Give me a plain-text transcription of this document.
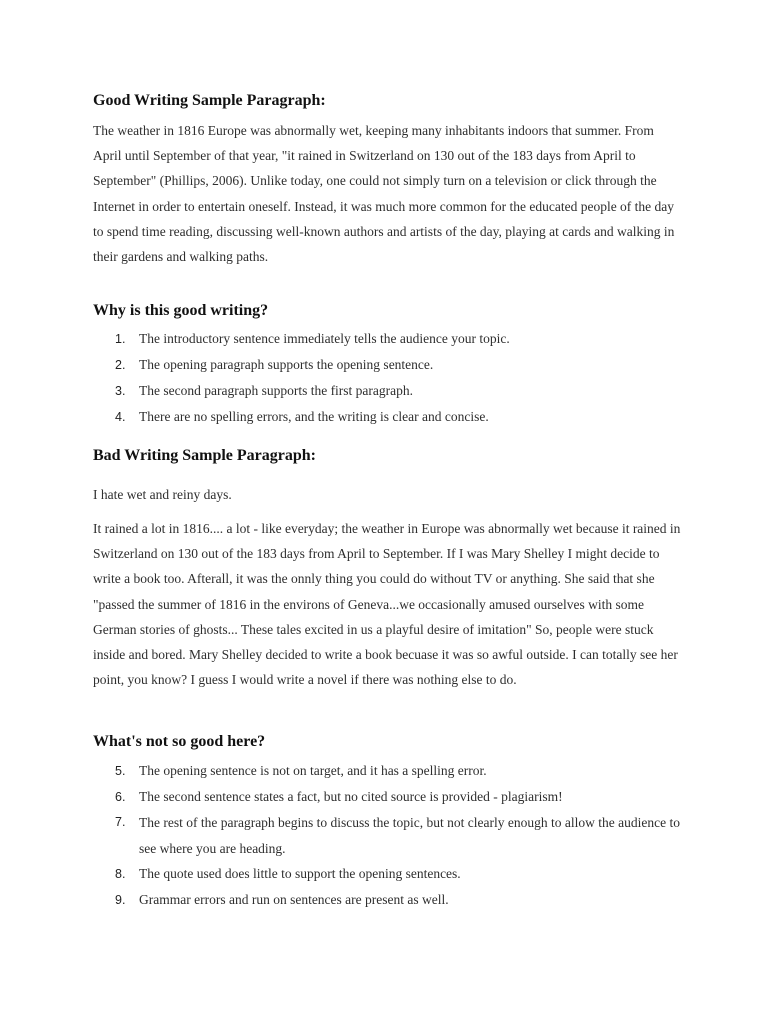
Good Writing Sample Paragraph:

The weather in 1816 Europe was abnormally wet, keeping many inhabitants indoors that summer. From April until September of that year, "it rained in Switzerland on 130 out of the 183 days from April to September" (Phillips, 2006). Unlike today, one could not simply turn on a television or click through the Internet in order to entertain oneself. Instead, it was much more common for the educated people of the day to spend time reading, discussing well-known authors and artists of the day, playing at cards and walking in their gardens and walking paths.

Why is this good writing?
1. The introductory sentence immediately tells the audience your topic.
2. The opening paragraph supports the opening sentence.
3. The second paragraph supports the first paragraph.
4. There are no spelling errors, and the writing is clear and concise.
Bad Writing Sample Paragraph:

I hate wet and reiny days.

It rained a lot in 1816.... a lot - like everyday; the weather in Europe was abnormally wet because it rained in Switzerland on 130 out of the 183 days from April to September. If I was Mary Shelley I might decide to write a book too. Afterall, it was the onnly thing you could do without TV or anything. She said that she "passed the summer of 1816 in the environs of Geneva...we occasionally amused ourselves with some German stories of ghosts... These tales excited in us a playful desire of imitation" So, people were stuck inside and bored. Mary Shelley decided to write a book becuase it was so awful outside. I can totally see her point, you know? I guess I would write a novel if there was nothing else to do.

What's not so good here?
5. The opening sentence is not on target, and it has a spelling error.
6. The second sentence states a fact, but no cited source is provided - plagiarism!
7. The rest of the paragraph begins to discuss the topic, but not clearly enough to allow the audience to see where you are heading.
8. The quote used does little to support the opening sentences.
9. Grammar errors and run on sentences are present as well.
